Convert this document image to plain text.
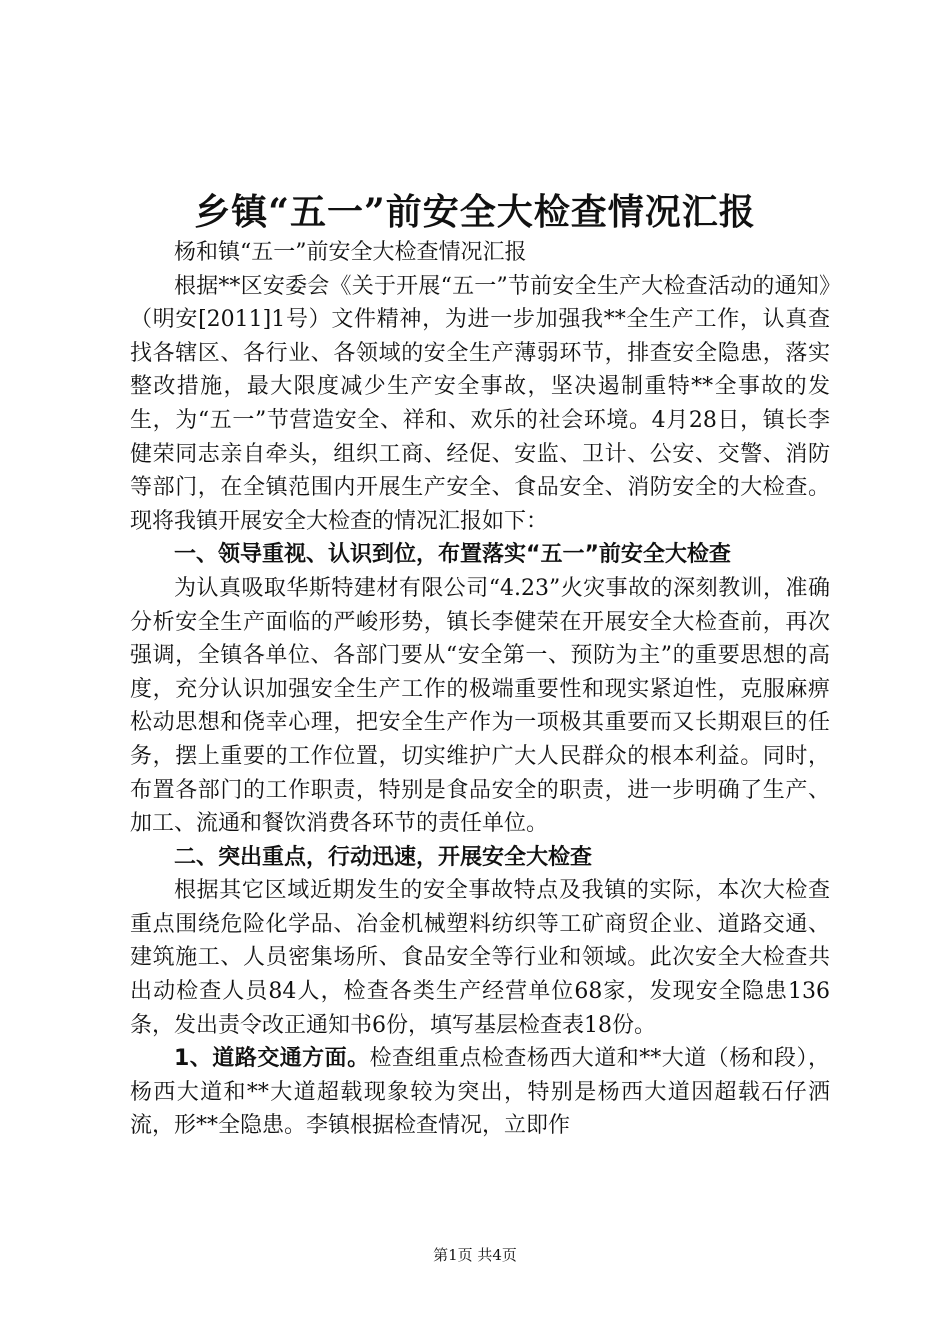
乡镇“五一”前安全大检查情况汇报

杨和镇“五一”前安全大检查情况汇报

根据**区安委会《关于开展“五一”节前安全生产大检查活动的通知》（明安[2011]1号）文件精神，为进一步加强我**全生产工作，认真查找各辖区、各行业、各领域的安全生产薄弱环节，排查安全隐患，落实整改措施，最大限度减少生产安全事故，坚决遏制重特**全事故的发生，为“五一”节营造安全、祥和、欢乐的社会环境。4月28日，镇长李健荣同志亲自牵头，组织工商、经促、安监、卫计、公安、交警、消防等部门，在全镇范围内开展生产安全、食品安全、消防安全的大检查。现将我镇开展安全大检查的情况汇报如下：

一、领导重视、认识到位，布置落实“五一”前安全大检查

为认真吸取华斯特建材有限公司“4.23”火灾事故的深刻教训，准确分析安全生产面临的严峻形势，镇长李健荣在开展安全大检查前，再次强调，全镇各单位、各部门要从“安全第一、预防为主”的重要思想的高度，充分认识加强安全生产工作的极端重要性和现实紧迫性，克服麻痹松动思想和侥幸心理，把安全生产作为一项极其重要而又长期艰巨的任务，摆上重要的工作位置，切实维护广大人民群众的根本利益。同时，布置各部门的工作职责，特别是食品安全的职责，进一步明确了生产、加工、流通和餐饮消费各环节的责任单位。

二、突出重点，行动迅速，开展安全大检查

根据其它区域近期发生的安全事故特点及我镇的实际，本次大检查重点围绕危险化学品、冶金机械塑料纺织等工矿商贸企业、道路交通、建筑施工、人员密集场所、食品安全等行业和领域。此次安全大检查共出动检查人员84人，检查各类生产经营单位68家，发现安全隐患136条，发出责令改正通知书6份，填写基层检查表18份。

1、道路交通方面。检查组重点检查杨西大道和**大道（杨和段），杨西大道和**大道超载现象较为突出，特别是杨西大道因超载石仔洒流，形**全隐患。李镇根据检查情况，立即作

第1页 共4页
